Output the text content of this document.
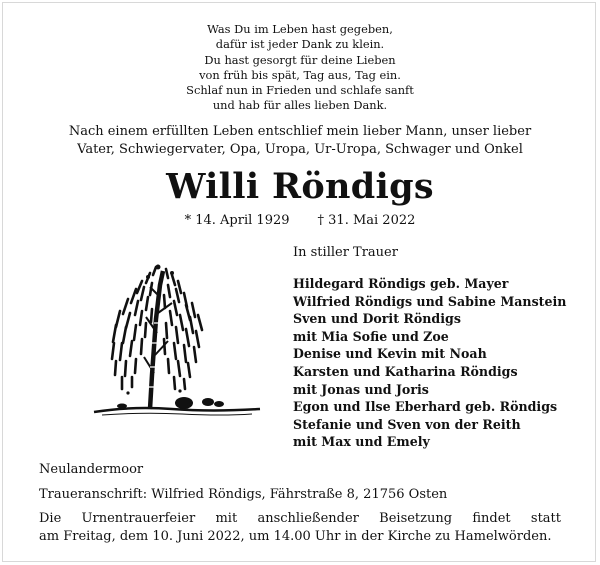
Was Du im Leben hast gegeben,
dafür ist jeder Dank zu klein.
Du hast gesorgt für deine Lieben
von früh bis spät, Tag aus, Tag ein.
Schlaf nun in Frieden und schlafe sanft
und hab für alles lieben Dank.
Nach einem erfüllten Leben entschlief mein lieber Mann, unser lieber
Vater, Schwiegervater, Opa, Uropa, Ur-Uropa, Schwager und Onkel
Willi Röndigs
* 14. April 1929 † 31. Mai 2022
In stiller Trauer
Hildegard Röndigs geb. Mayer
Wilfried Röndigs und Sabine Manstein
Sven und Dorit Röndigs
mit Mia Sofie und Zoe
Denise und Kevin mit Noah
Karsten und Katharina Röndigs
mit Jonas und Joris
Egon und Ilse Eberhard geb. Röndigs
Stefanie und Sven von der Reith
mit Max und Emely
Neulandermoor
Traueranschrift: Wilfried Röndigs, Fährstraße 8, 21756 Osten
Die Urnentrauerfeier mit anschließender Beisetzung findet statt
am Freitag, dem 10. Juni 2022, um 14.00 Uhr in der Kirche zu Hamelwörden.
